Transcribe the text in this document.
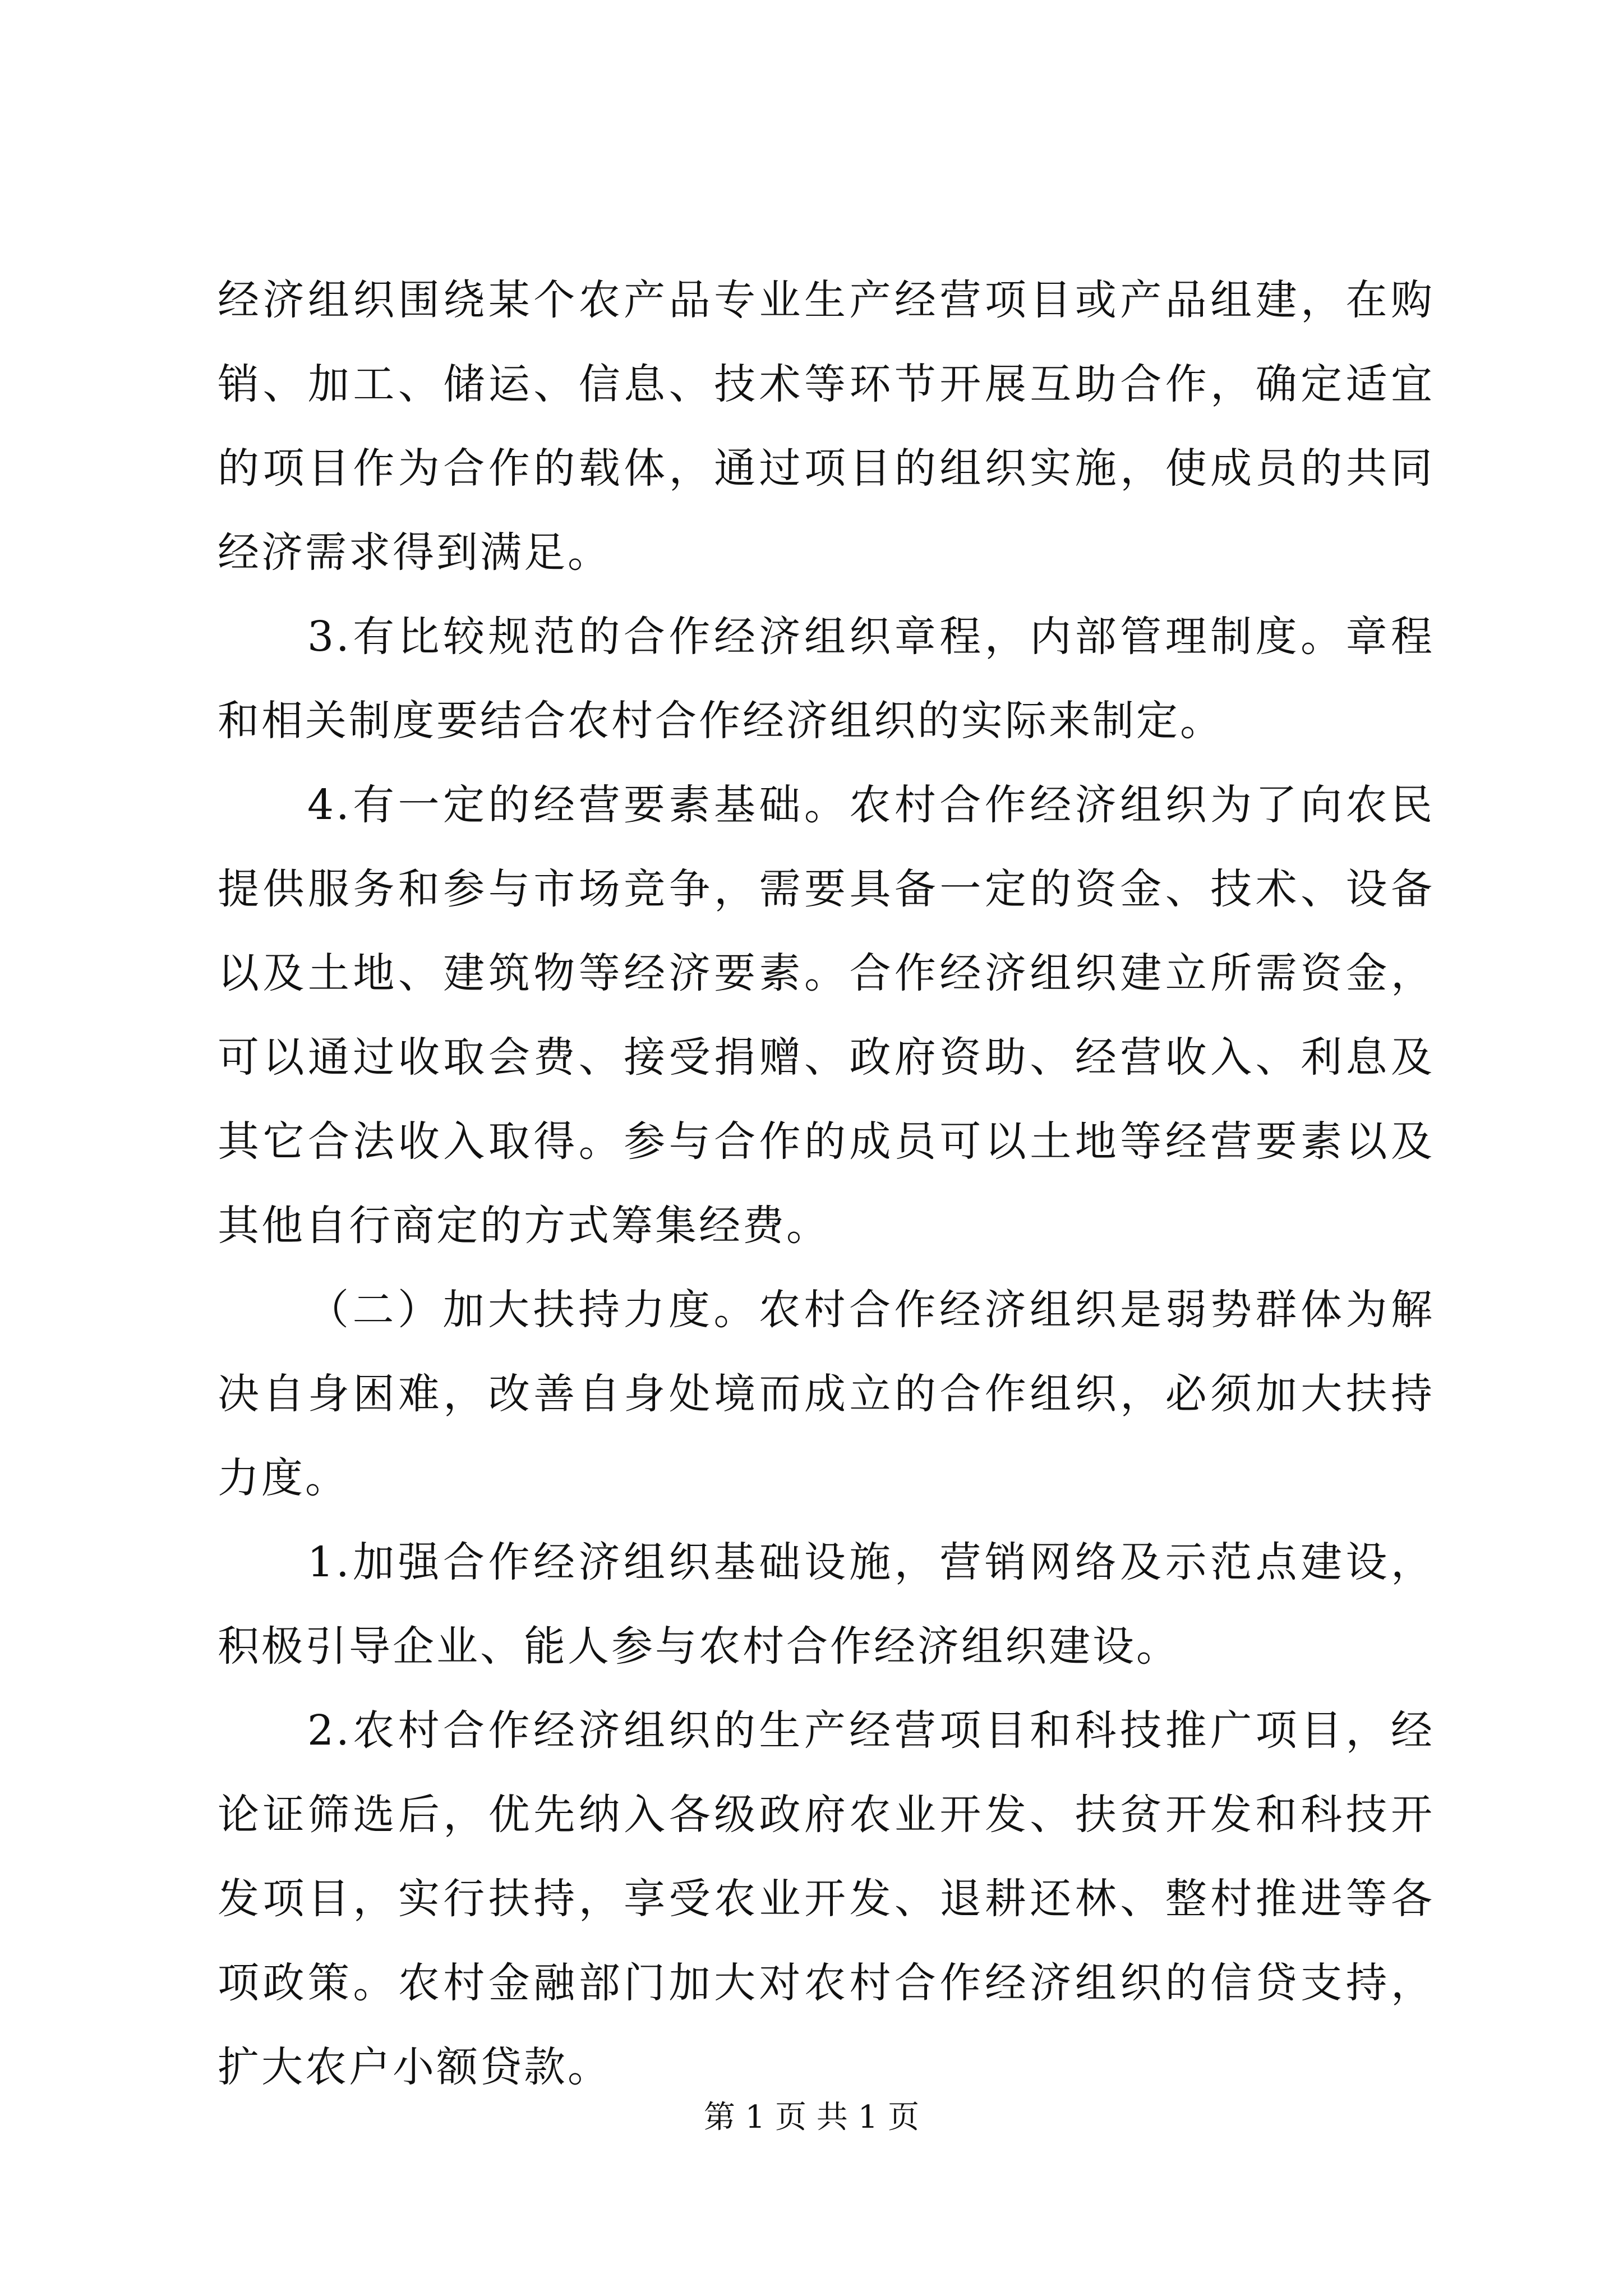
经济组织围绕某个农产品专业生产经营项目或产品组建，在购销、加工、储运、信息、技术等环节开展互助合作，确定适宜的项目作为合作的载体，通过项目的组织实施，使成员的共同经济需求得到满足。

3.有比较规范的合作经济组织章程，内部管理制度。章程和相关制度要结合农村合作经济组织的实际来制定。

4.有一定的经营要素基础。农村合作经济组织为了向农民提供服务和参与市场竞争，需要具备一定的资金、技术、设备以及土地、建筑物等经济要素。合作经济组织建立所需资金，可以通过收取会费、接受捐赠、政府资助、经营收入、利息及其它合法收入取得。参与合作的成员可以土地等经营要素以及其他自行商定的方式筹集经费。

（二）加大扶持力度。农村合作经济组织是弱势群体为解决自身困难，改善自身处境而成立的合作组织，必须加大扶持力度。

1.加强合作经济组织基础设施，营销网络及示范点建设，积极引导企业、能人参与农村合作经济组织建设。

2.农村合作经济组织的生产经营项目和科技推广项目，经论证筛选后，优先纳入各级政府农业开发、扶贫开发和科技开发项目，实行扶持，享受农业开发、退耕还林、整村推进等各项政策。农村金融部门加大对农村合作经济组织的信贷支持，扩大农户小额贷款。

第 1 页 共 1 页
